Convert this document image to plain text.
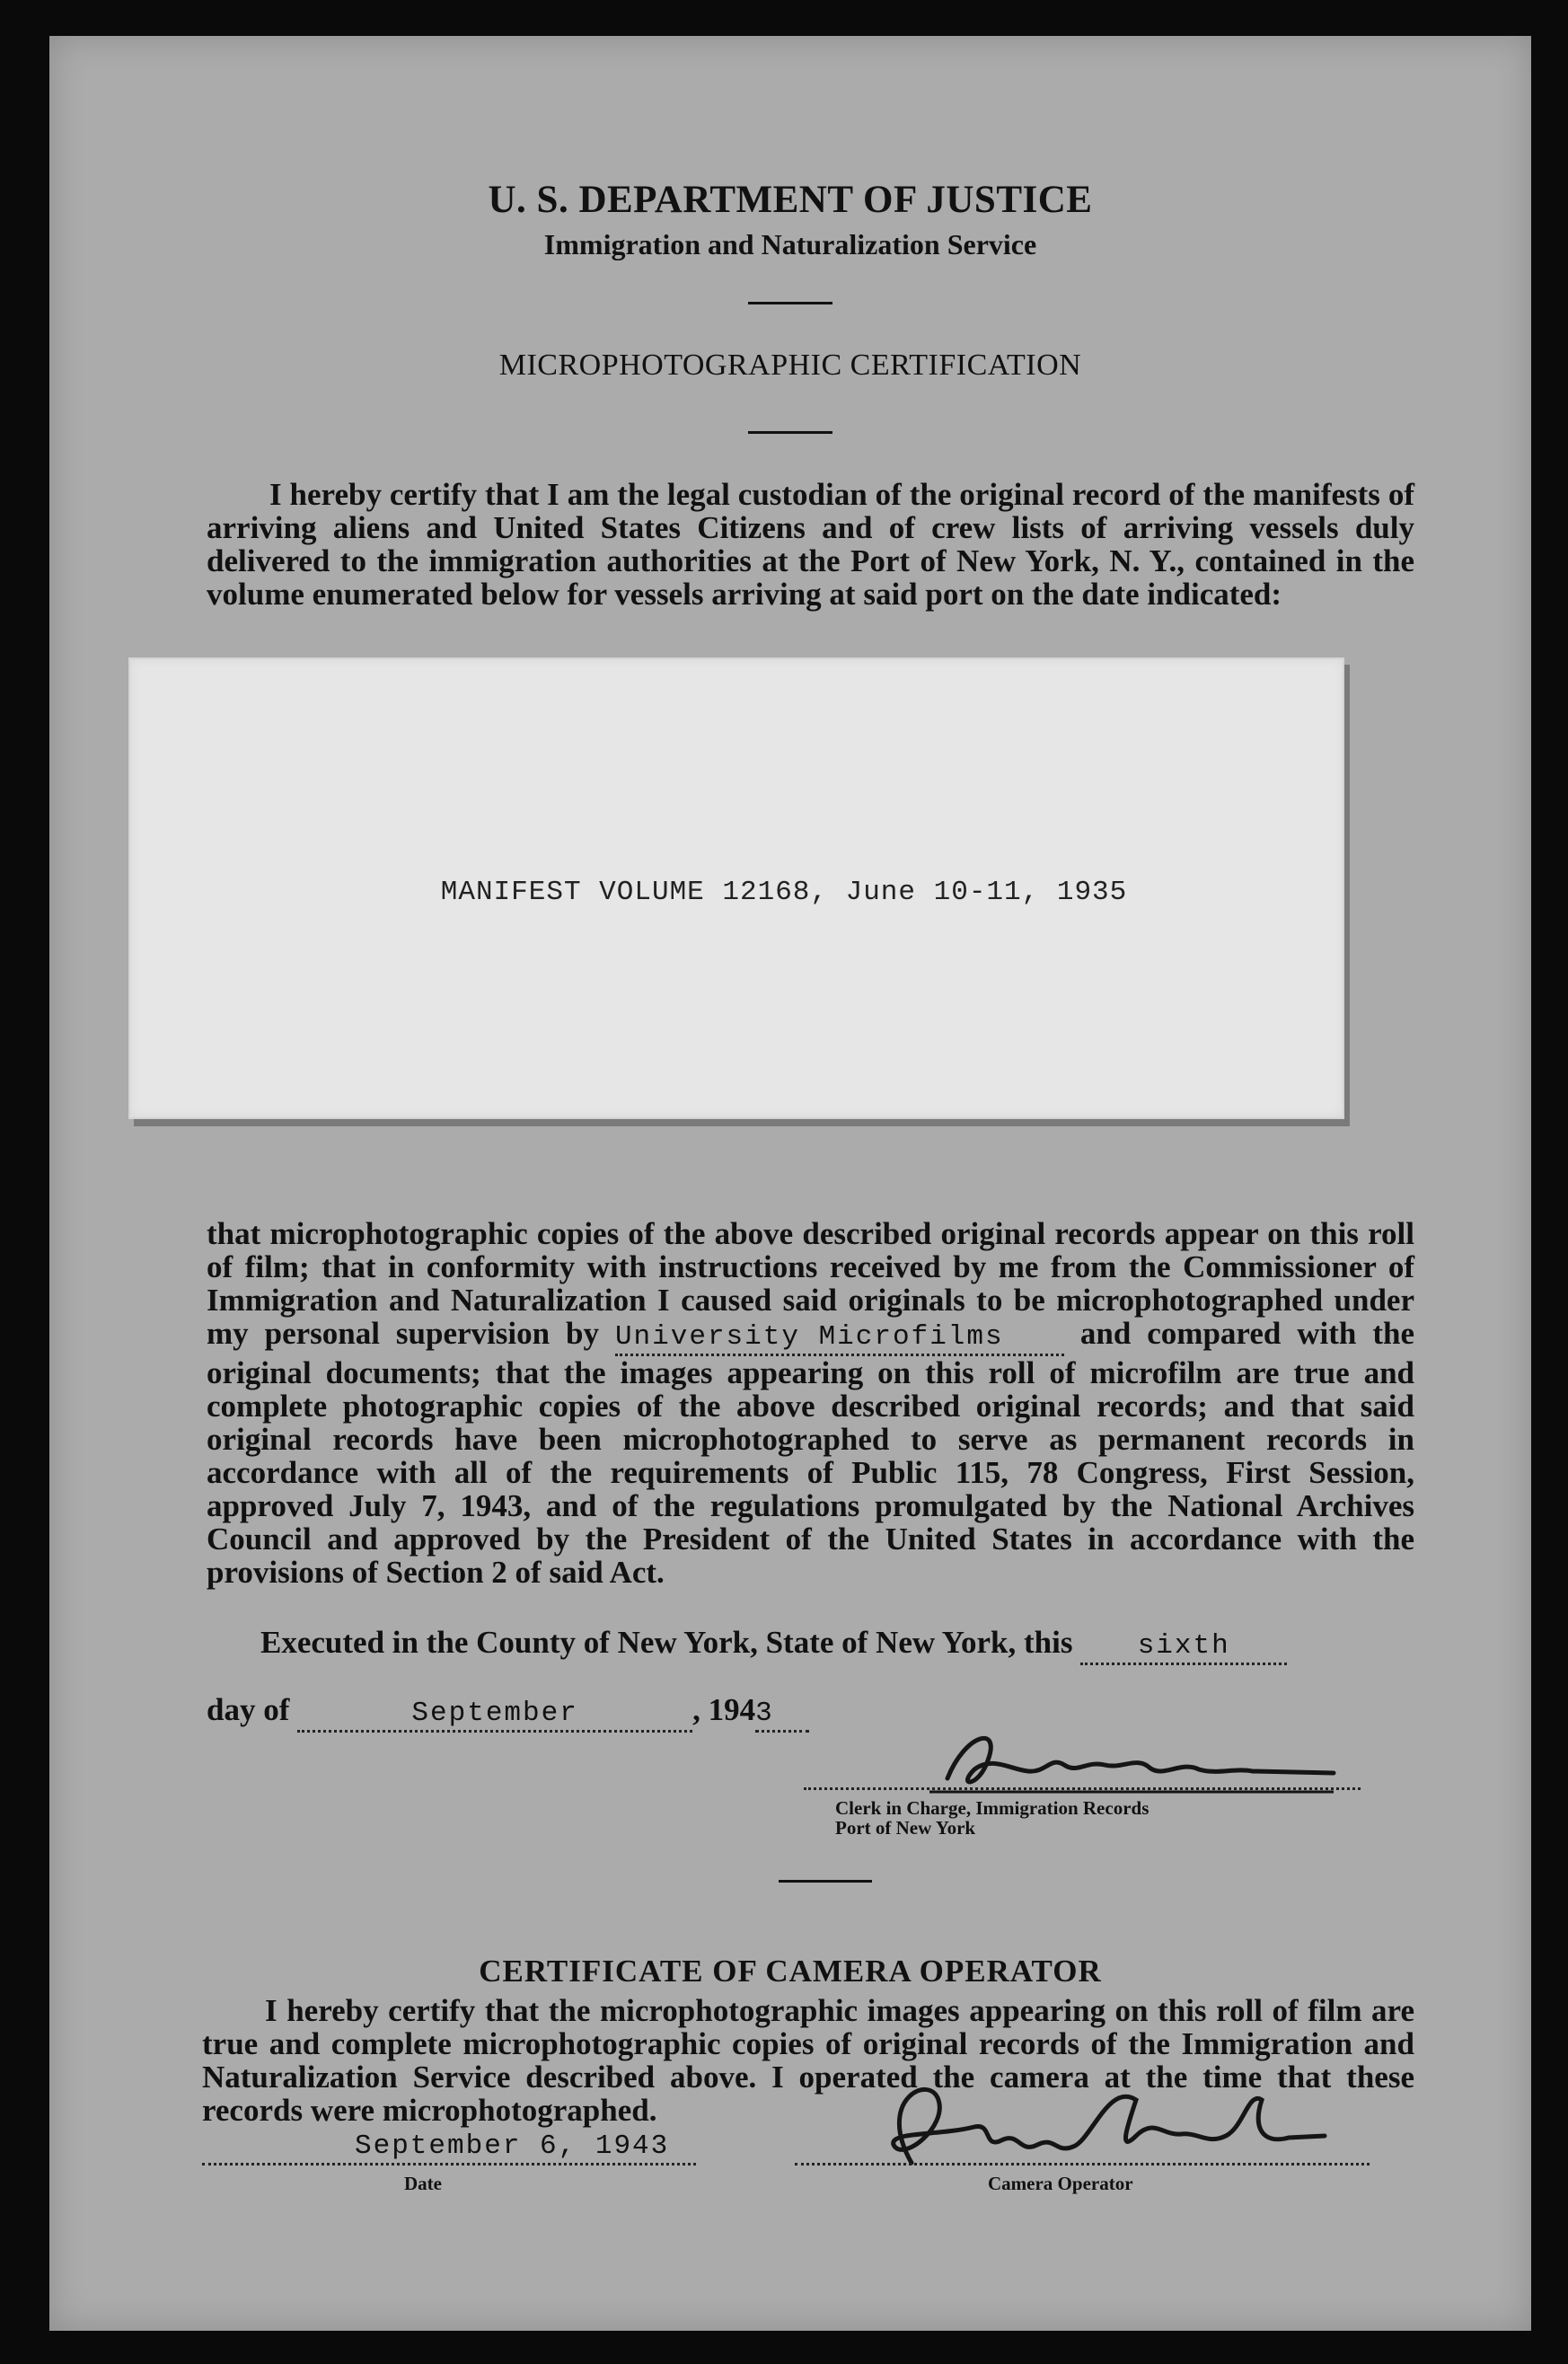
U. S. DEPARTMENT OF JUSTICE
Immigration and Naturalization Service
MICROPHOTOGRAPHIC CERTIFICATION
I hereby certify that I am the legal custodian of the original record of the manifests of arriving aliens and United States Citizens and of crew lists of arriving vessels duly delivered to the immigration authorities at the Port of New York, N. Y., contained in the volume enumerated below for vessels arriving at said port on the date indicated:
MANIFEST VOLUME 12168, June 10-11, 1935
that microphotographic copies of the above described original records appear on this roll of film; that in conformity with instructions received by me from the Commissioner of Immigration and Naturalization I caused said originals to be microphotographed under my personal supervision by University Microfilms and compared with the original documents; that the images appearing on this roll of microfilm are true and complete photographic copies of the above described original records; and that said original records have been microphotographed to serve as permanent records in accordance with all of the requirements of Public 115, 78 Congress, First Session, approved July 7, 1943, and of the regulations promulgated by the National Archives Council and approved by the President of the United States in accordance with the provisions of Section 2 of said Act.
Executed in the County of New York, State of New York, this sixth
day of	September	, 1943
Clerk in Charge, Immigration Records
Port of New York
CERTIFICATE OF CAMERA OPERATOR
I hereby certify that the microphotographic images appearing on this roll of film are true and complete microphotographic copies of original records of the Immigration and Naturalization Service described above. I operated the camera at the time that these records were microphotographed.
September 6, 1943
Date	Camera Operator
